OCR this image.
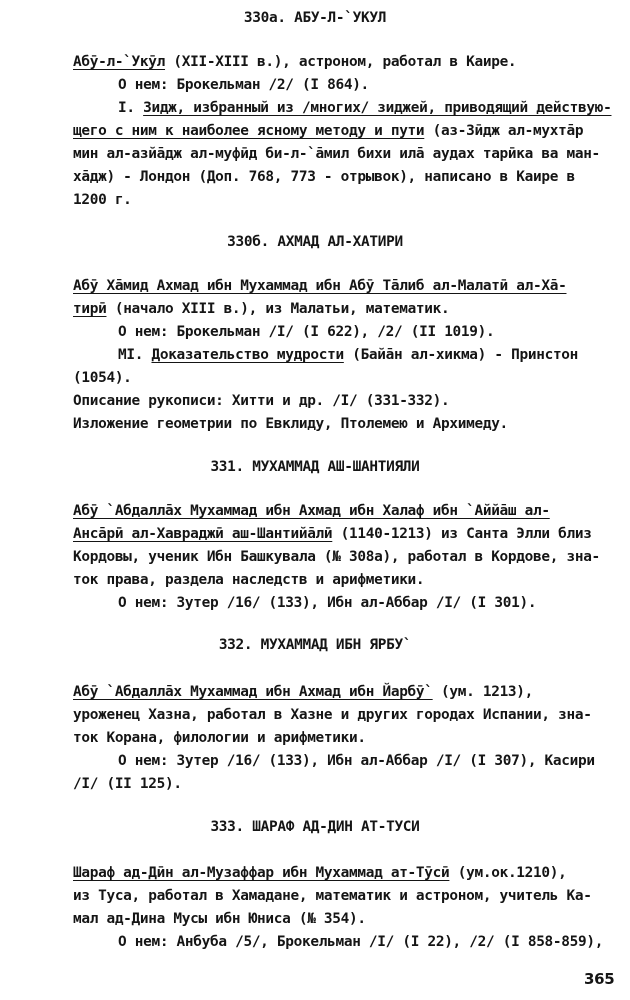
330а. АБУ-Л-`УКУЛ
Абӯ-л-`Укӯл (XII-XIII в.), астроном, работал в Каире.
О нем: Брокельман /2/ (I 864).
I. Зидж, избранный из /многих/ зиджей, приводящий действую-
щего с ним к наиболее ясному методу и пути (аз-Зӣдж ал-мухтāр
мин ал-азйāдж ал-муфӣд би-л-`āмил бихи илā аудах тарӣка ва ман-
хāдж) - Лондон (Доп. 768, 773 - отрывок), написано в Каире в
1200 г.
330б. АХМАД АЛ-ХАТИРИ
Абӯ Хāмид Ахмад ибн Мухаммад ибн Абӯ Тāлиб ал-Малатӣ ал-Хā-
тирӣ (начало XIII в.), из Малатьи, математик.
О нем: Брокельман /I/ (I 622), /2/ (II 1019).
MI. Доказательство мудрости (Байāн ал-хикма) - Принстон
(1054).
Описание рукописи: Хитти и др. /I/ (331-332).
Изложение геометрии по Евклиду, Птолемею и Архимеду.
331. МУХАММАД АШ-ШАНТИЯЛИ
Абӯ `Абдаллāх Мухаммад ибн Ахмад ибн Халаф ибн `Аййāш ал-
Ансāрӣ ал-Хавраджӣ аш-Шантийāлӣ (1140-1213) из Санта Элли близ
Кордовы, ученик Ибн Башкувала (№ 308а), работал в Кордове, зна-
ток права, раздела наследств и арифметики.
О нем: Зутер /16/ (133), Ибн ал-Аббар /I/ (I 301).
332. МУХАММАД ИБН ЯРБУ`
Абӯ `Абдаллāх Мухаммад ибн Ахмад ибн Йарбӯ` (ум. 1213),
уроженец Хазна, работал в Хазне и других городах Испании, зна-
ток Корана, филологии и арифметики.
О нем: Зутер /16/ (133), Ибн ал-Аббар /I/ (I 307), Касири
/I/ (II 125).
333. ШАРАФ АД-ДИН АТ-ТУСИ
Шараф ад-Дӣн ал-Музаффар ибн Мухаммад ат-Тӯсӣ (ум.ок.1210),
из Туса, работал в Хамадане, математик и астроном, учитель Ка-
мал ад-Дина Мусы ибн Юниса (№ 354).
О нем: Анбуба /5/, Брокельман /I/ (I 22), /2/ (I 858-859),
365
